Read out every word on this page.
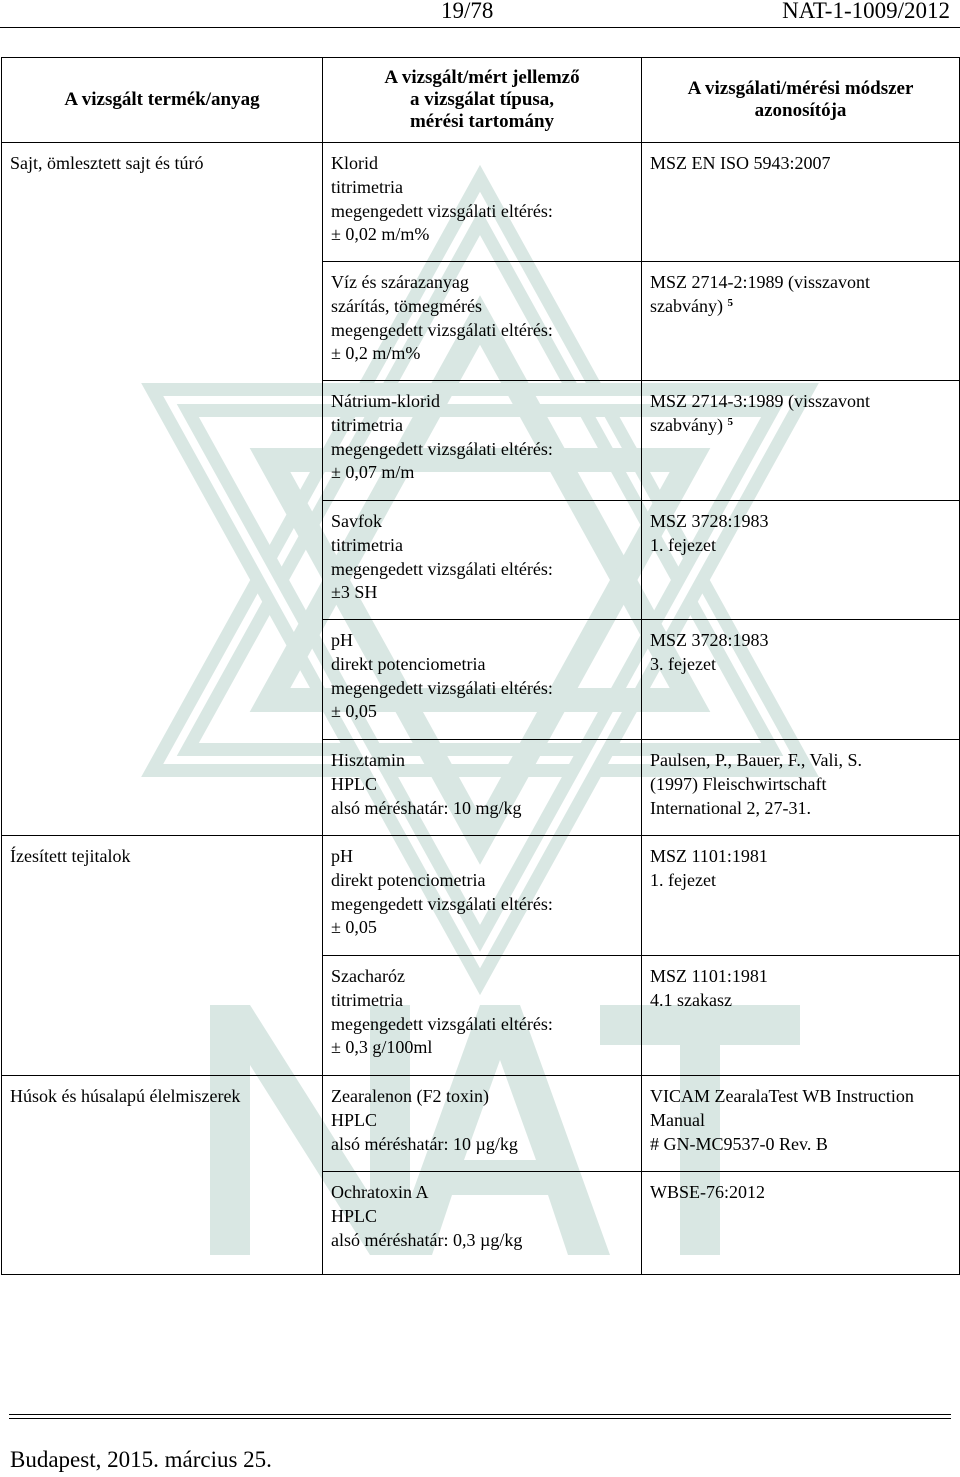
19/78	NAT-1-1009/2012
A vizsgált termék/anyag	A vizsgált/mért jellemző
a vizsgálat típusa,
mérési tartomány	A vizsgálati/mérési módszer
azonosítója

Sajt, ömlesztett sajt és túró	Klorid
titrimetria
megengedett vizsgálati eltérés:
± 0,02 m/m%	MSZ EN ISO 5943:2007

	Víz és szárazanyag
szárítás, tömegmérés
megengedett vizsgálati eltérés:
± 0,2 m/m%	MSZ 2714-2:1989 (visszavont
szabvány) $^5$

	Nátrium-klorid
titrimetria
megengedett vizsgálati eltérés:
± 0,07 m/m	MSZ 2714-3:1989 (visszavont
szabvány) $^5$

	Savfok
titrimetria
megengedett vizsgálati eltérés:
±3 SH	MSZ 3728:1983
1. fejezet

	pH
direkt potenciometria
megengedett vizsgálati eltérés:
± 0,05	MSZ 3728:1983
3. fejezet

	Hisztamin
HPLC
alsó méréshatár: 10 mg/kg	Paulsen, P., Bauer, F., Vali, S.
(1997) Fleischwirtschaft
International 2, 27-31.

Ízesített tejitalok	pH
direkt potenciometria
megengedett vizsgálati eltérés:
± 0,05	MSZ 1101:1981
1. fejezet

	Szacharóz
titrimetria
megengedett vizsgálati eltérés:
± 0,3 g/100ml	MSZ 1101:1981
4.1 szakasz

Húsok és húsalapú élelmiszerek	Zearalenon (F2 toxin)
HPLC
alsó méréshatár: 10 µg/kg	VICAM ZearalaTest WB Instruction
Manual
# GN-MC9537-0 Rev. B

	Ochratoxin A
HPLC
alsó méréshatár: 0,3 µg/kg	WBSE-76:2012
Budapest, 2015. március 25.
